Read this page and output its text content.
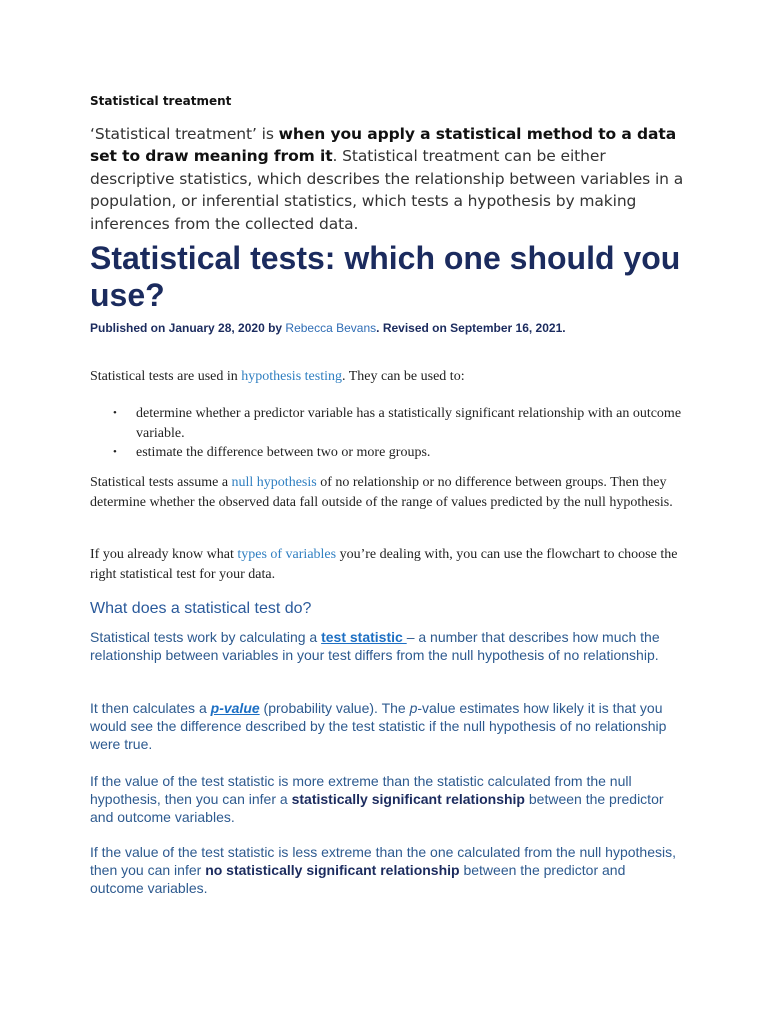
Statistical treatment
‘Statistical treatment’ is when you apply a statistical method to a data set to draw meaning from it. Statistical treatment can be either descriptive statistics, which describes the relationship between variables in a population, or inferential statistics, which tests a hypothesis by making inferences from the collected data.
Statistical tests: which one should you use?
Published on January 28, 2020 by Rebecca Bevans. Revised on September 16, 2021.
Statistical tests are used in hypothesis testing. They can be used to:
• determine whether a predictor variable has a statistically significant relationship with an outcome variable.
• estimate the difference between two or more groups.
Statistical tests assume a null hypothesis of no relationship or no difference between groups. Then they determine whether the observed data fall outside of the range of values predicted by the null hypothesis.
If you already know what types of variables you’re dealing with, you can use the flowchart to choose the right statistical test for your data.
What does a statistical test do?
Statistical tests work by calculating a test statistic – a number that describes how much the relationship between variables in your test differs from the null hypothesis of no relationship.
It then calculates a p-value (probability value). The p-value estimates how likely it is that you would see the difference described by the test statistic if the null hypothesis of no relationship were true.
If the value of the test statistic is more extreme than the statistic calculated from the null hypothesis, then you can infer a statistically significant relationship between the predictor and outcome variables.
If the value of the test statistic is less extreme than the one calculated from the null hypothesis, then you can infer no statistically significant relationship between the predictor and outcome variables.
